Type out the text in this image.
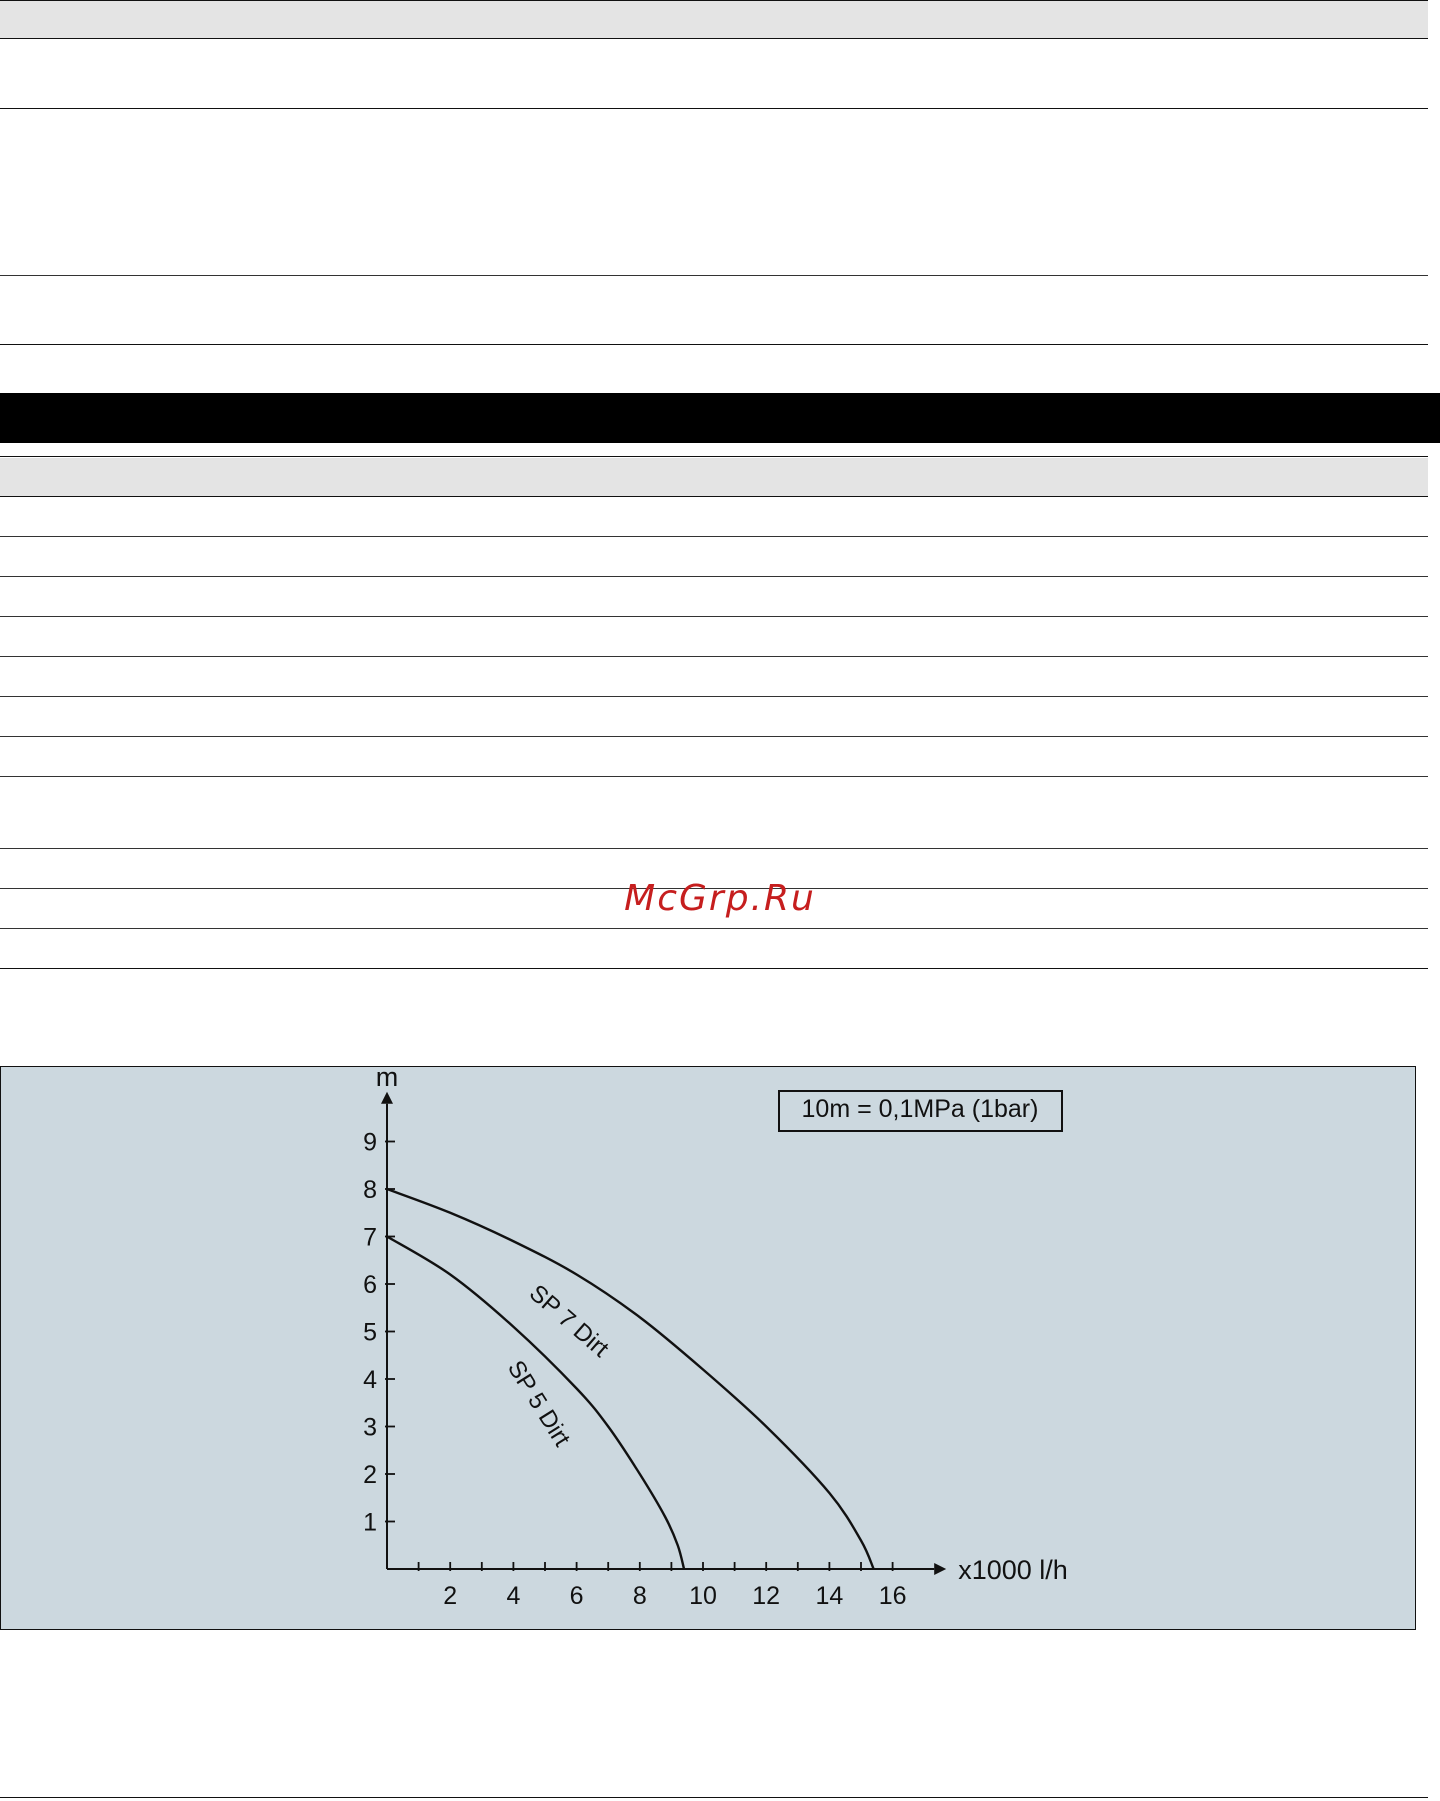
McGrp.Ru
2 4 6 8 10 12 14 16
1
2
3
4
5
6
7
8
9
m
x1000 l/h
10m = 0,1MPa (1bar)
SP 7 Dirt
SP 5 Dirt
